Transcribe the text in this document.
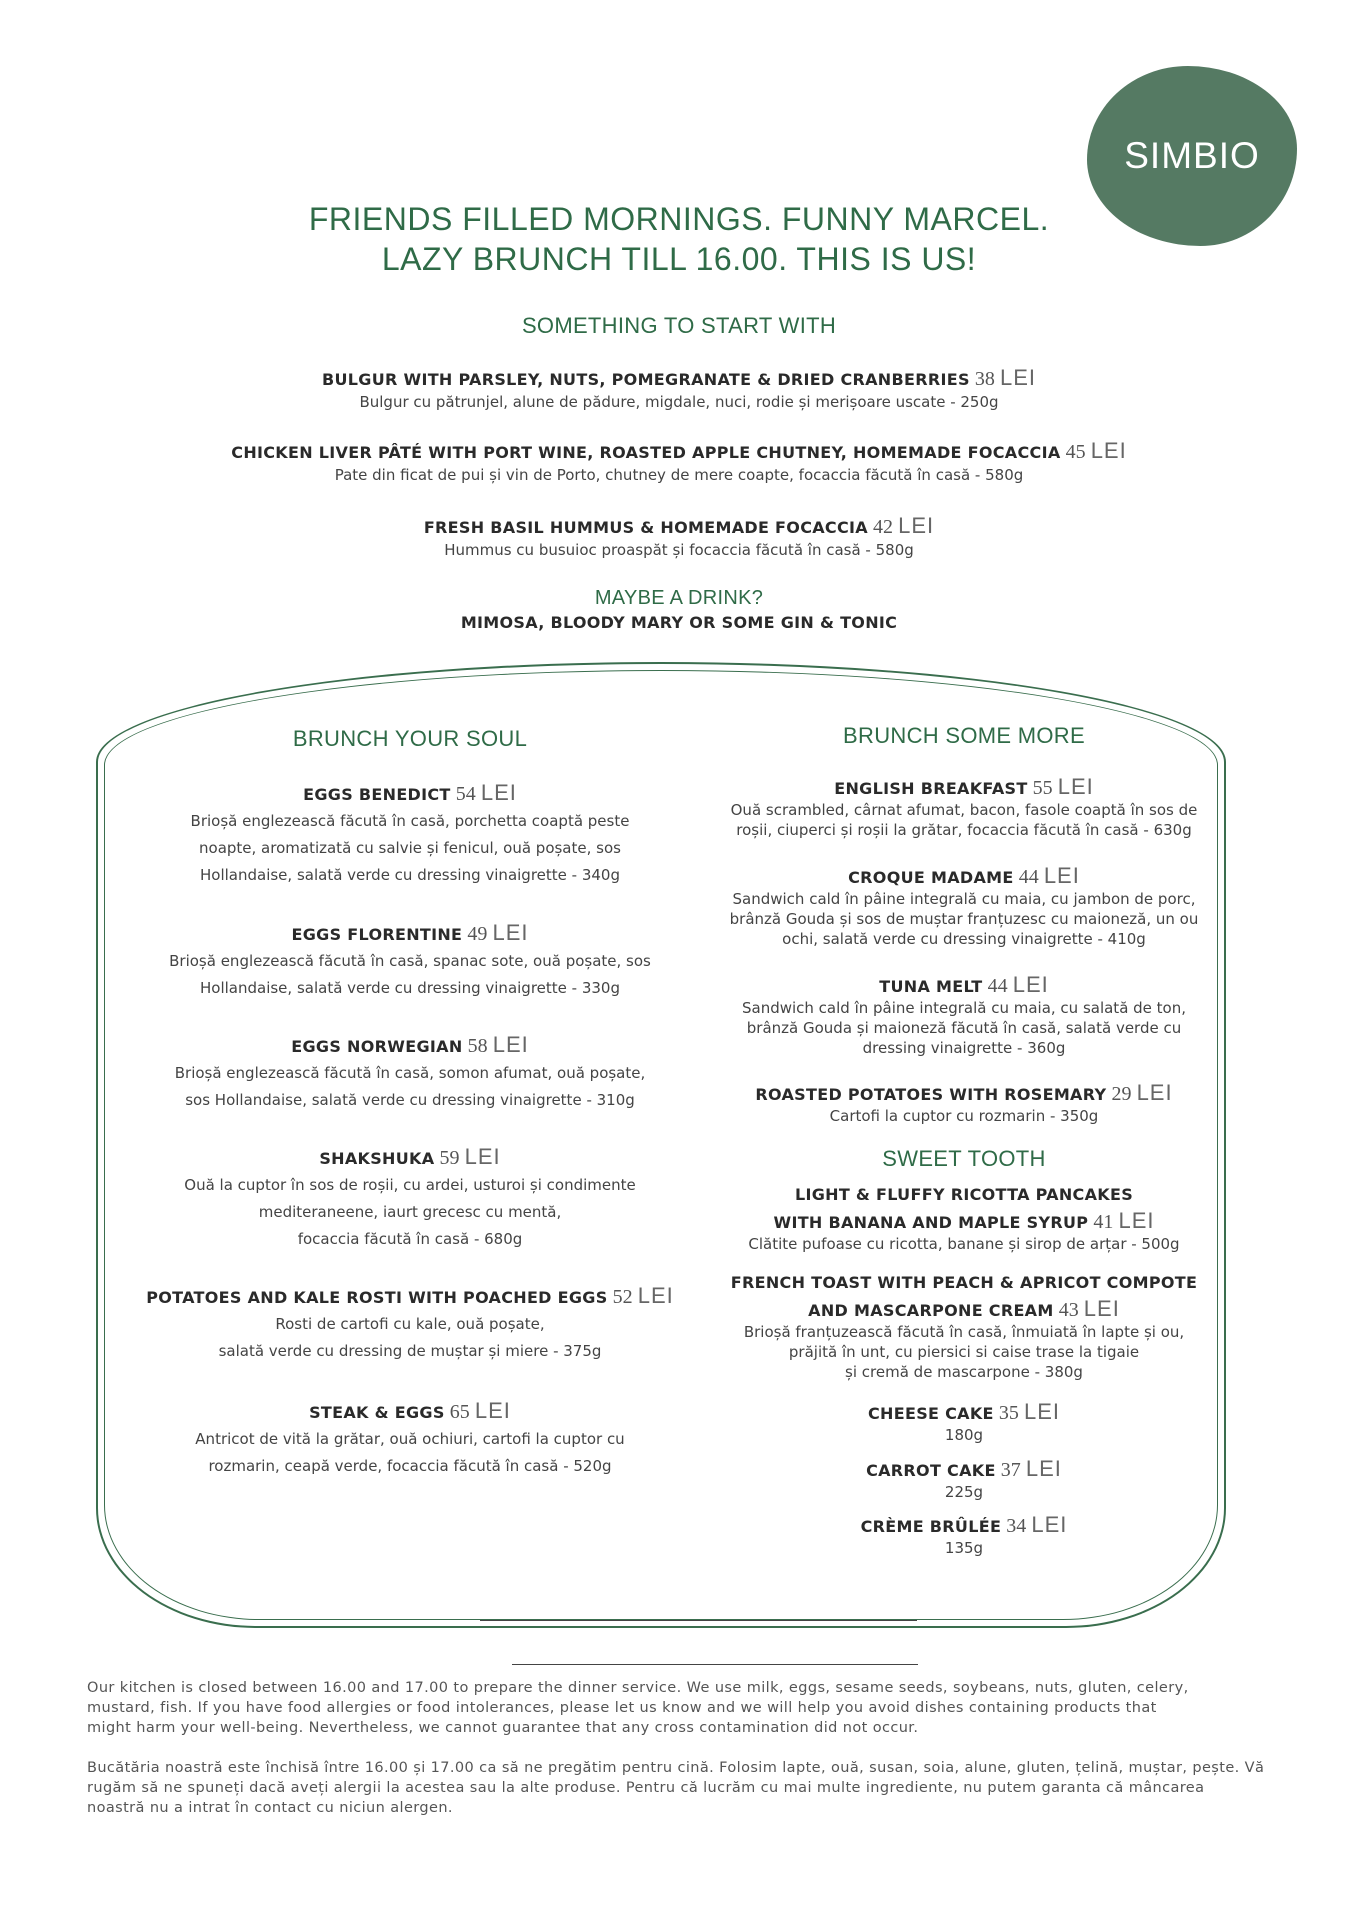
SIMBIO
FRIENDS FILLED MORNINGS. FUNNY MARCEL.
LAZY BRUNCH TILL 16.00. THIS IS US!
SOMETHING TO START WITH
BULGUR WITH PARSLEY, NUTS, POMEGRANATE & DRIED CRANBERRIES 38 LEI
Bulgur cu pătrunjel, alune de pădure, migdale, nuci, rodie și merișoare uscate - 250g
CHICKEN LIVER PÂTÉ WITH PORT WINE, ROASTED APPLE CHUTNEY, HOMEMADE FOCACCIA 45 LEI
Pate din ficat de pui și vin de Porto, chutney de mere coapte, focaccia făcută în casă - 580g
FRESH BASIL HUMMUS & HOMEMADE FOCACCIA 42 LEI
Hummus cu busuioc proaspăt și focaccia făcută în casă - 580g
MAYBE A DRINK?
MIMOSA, BLOODY MARY OR SOME GIN & TONIC
BRUNCH YOUR SOUL
EGGS BENEDICT 54 LEI
Brioșă englezească făcută în casă, porchetta coaptă peste
noapte, aromatizată cu salvie și fenicul, ouă poșate, sos
Hollandaise, salată verde cu dressing vinaigrette - 340g
EGGS FLORENTINE 49 LEI
Brioșă englezească făcută în casă, spanac sote, ouă poșate, sos
Hollandaise, salată verde cu dressing vinaigrette - 330g
EGGS NORWEGIAN 58 LEI
Brioșă englezească făcută în casă, somon afumat, ouă poșate,
sos Hollandaise, salată verde cu dressing vinaigrette - 310g
SHAKSHUKA 59 LEI
Ouă la cuptor în sos de roșii, cu ardei, usturoi și condimente
mediteraneene, iaurt grecesc cu mentă,
focaccia făcută în casă - 680g
POTATOES AND KALE ROSTI WITH POACHED EGGS 52 LEI
Rosti de cartofi cu kale, ouă poșate,
salată verde cu dressing de muștar și miere - 375g
STEAK & EGGS 65 LEI
Antricot de vită la grătar, ouă ochiuri, cartofi la cuptor cu
rozmarin, ceapă verde, focaccia făcută în casă - 520g
BRUNCH SOME MORE
ENGLISH BREAKFAST 55 LEI
Ouă scrambled, cârnat afumat, bacon, fasole coaptă în sos de
roșii, ciuperci și roșii la grătar, focaccia făcută în casă - 630g
CROQUE MADAME 44 LEI
Sandwich cald în pâine integrală cu maia, cu jambon de porc,
brânză Gouda și sos de muștar franțuzesc cu maioneză, un ou
ochi, salată verde cu dressing vinaigrette - 410g
TUNA MELT 44 LEI
Sandwich cald în pâine integrală cu maia, cu salată de ton,
brânză Gouda și maioneză făcută în casă, salată verde cu
dressing vinaigrette - 360g
ROASTED POTATOES WITH ROSEMARY 29 LEI
Cartofi la cuptor cu rozmarin - 350g
SWEET TOOTH
LIGHT & FLUFFY RICOTTA PANCAKES
WITH BANANA AND MAPLE SYRUP 41 LEI
Clătite pufoase cu ricotta, banane și sirop de arțar - 500g
FRENCH TOAST WITH PEACH & APRICOT COMPOTE
AND MASCARPONE CREAM 43 LEI
Brioșă franțuzească făcută în casă, înmuiată în lapte și ou,
prăjită în unt, cu piersici si caise trase la tigaie
și cremă de mascarpone - 380g
CHEESE CAKE 35 LEI
180g
CARROT CAKE 37 LEI
225g
CRÈME BRÛLÉE 34 LEI
135g
Our kitchen is closed between 16.00 and 17.00 to prepare the dinner service. We use milk, eggs, sesame seeds, soybeans, nuts, gluten, celery,
mustard, fish. If you have food allergies or food intolerances, please let us know and we will help you avoid dishes containing products that
might harm your well-being. Nevertheless, we cannot guarantee that any cross contamination did not occur.
Bucătăria noastră este închisă între 16.00 și 17.00 ca să ne pregătim pentru cină. Folosim lapte, ouă, susan, soia, alune, gluten, țelină, muștar, pește. Vă
rugăm să ne spuneți dacă aveți alergii la acestea sau la alte produse. Pentru că lucrăm cu mai multe ingrediente, nu putem garanta că mâncarea
noastră nu a intrat în contact cu niciun alergen.
